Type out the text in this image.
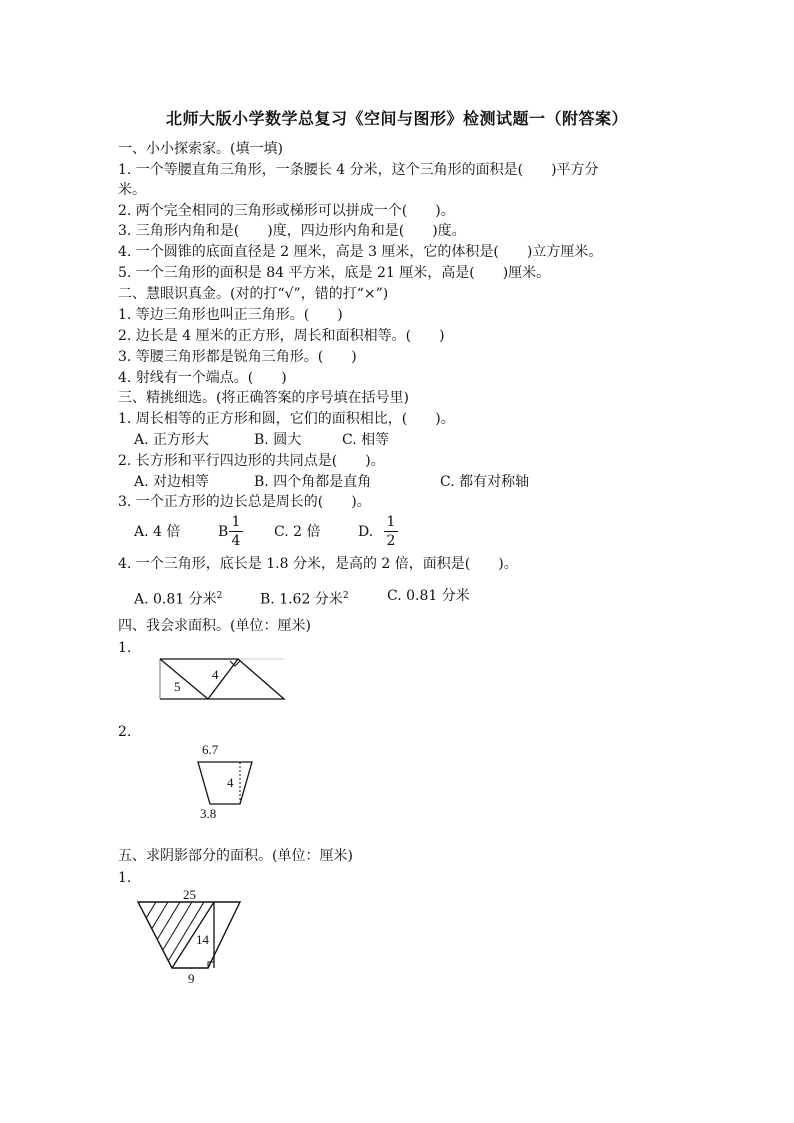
北师大版小学数学总复习《空间与图形》检测试题一（附答案）
一、小小探索家。(填一填)
1. 一个等腰直角三角形，一条腰长 4 分米，这个三角形的面积是(　　)平方分
米。
2. 两个完全相同的三角形或梯形可以拼成一个(　　)。
3. 三角形内角和是(　　)度，四边形内角和是(　　)度。
4. 一个圆锥的底面直径是 2 厘米，高是 3 厘米，它的体积是(　　)立方厘米。
5. 一个三角形的面积是 84 平方米，底是 21 厘米，高是(　　)厘米。
二、慧眼识真金。(对的打“√”，错的打“×”)
1. 等边三角形也叫正三角形。(　　)
2. 边长是 4 厘米的正方形，周长和面积相等。(　　)
3. 等腰三角形都是锐角三角形。(　　)
4. 射线有一个端点。(　　)
三、精挑细选。(将正确答案的序号填在括号里)
1. 周长相等的正方形和圆，它们的面积相比，(　　)。
A. 正方形大	B. 圆大	C. 相等
2. 长方形和平行四边形的共同点是(　　)。
A. 对边相等	B. 四个角都是直角	C. 都有对称轴
3. 一个正方形的边长总是周长的(　　)。
A. 4 倍	B
1
4
C. 2 倍	D.
1
2
4. 一个三角形，底长是 1.8 分米，是高的 2 倍，面积是(　　)。
A. 0.81 分米$^2$	B. 1.62 分米$^2$	C. 0.81 分米
四、我会求面积。(单位：厘米)
1.
5
4
2.
6.7
4
3.8
五、求阴影部分的面积。(单位：厘米)
1.
25
14
9
